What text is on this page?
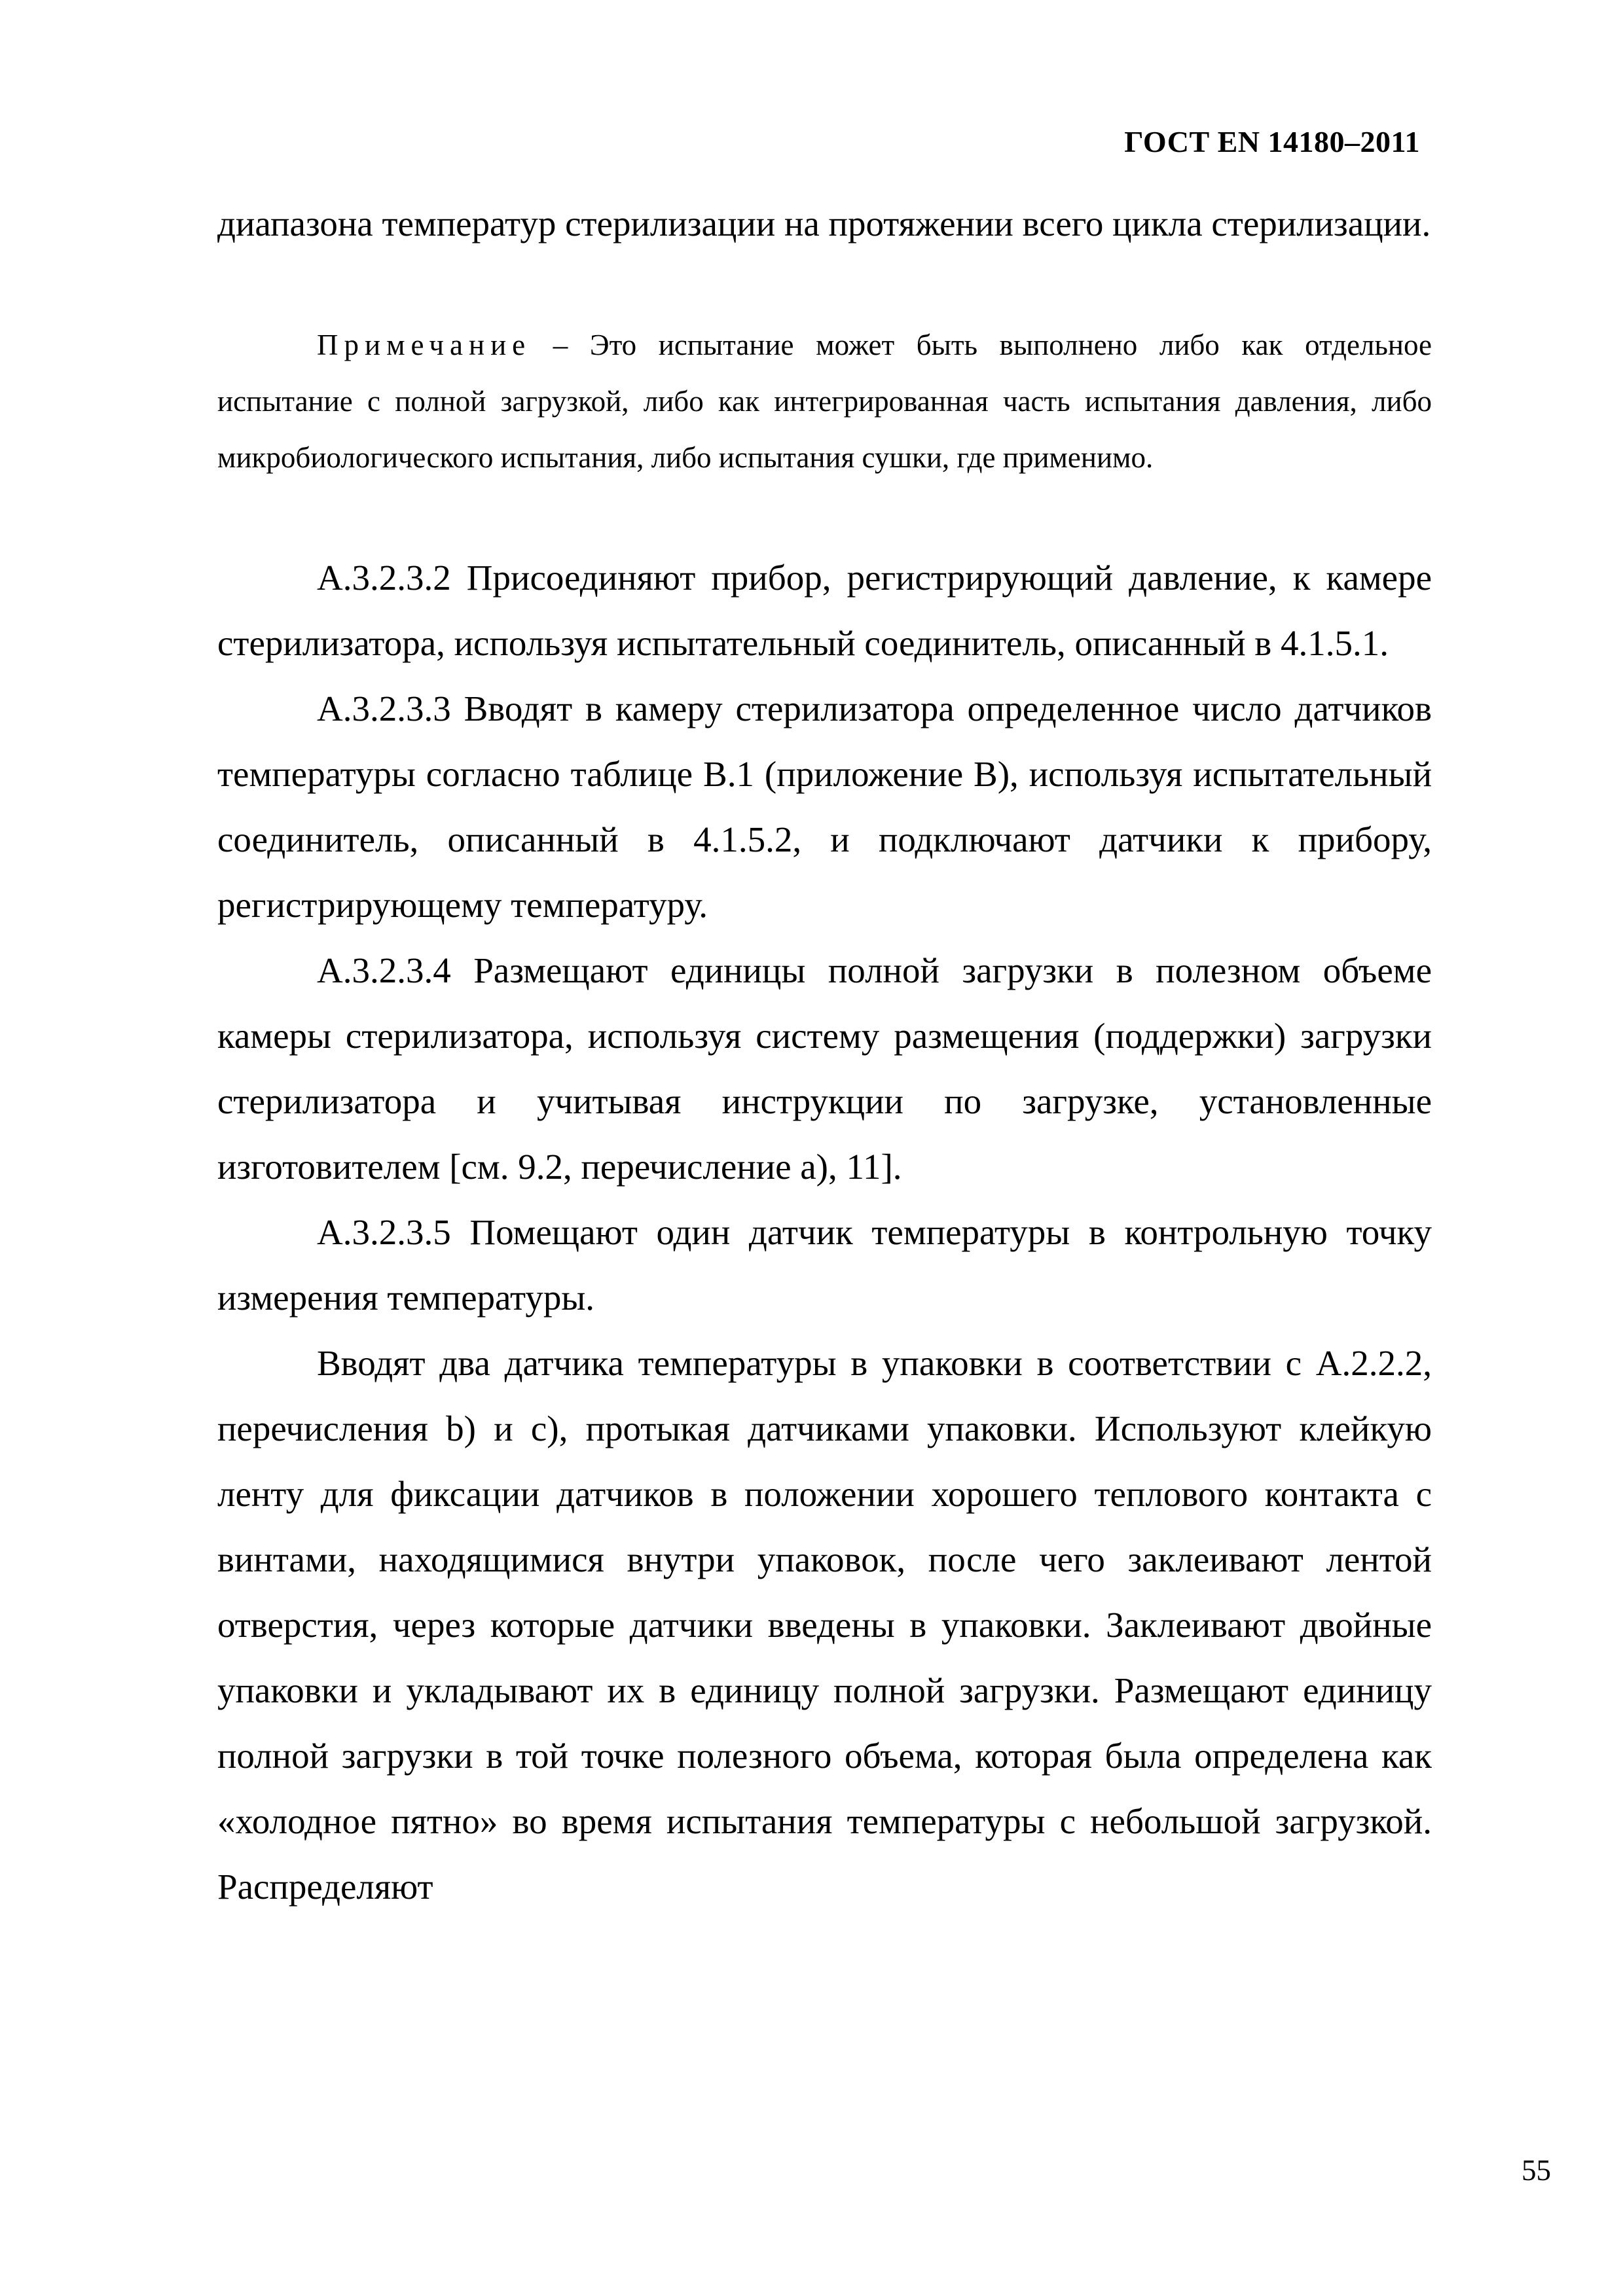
ГОСТ EN 14180–2011

диапазона температур стерилизации на протяжении всего цикла стерилизации.

Примечание – Это испытание может быть выполнено либо как отдельное испытание с полной загрузкой, либо как интегрированная часть испытания давления, либо микробиологического испытания, либо испытания сушки, где применимо.

А.3.2.3.2 Присоединяют прибор, регистрирующий давление, к камере стерилизатора, используя испытательный соединитель, описанный в 4.1.5.1.

А.3.2.3.3 Вводят в камеру стерилизатора определенное число датчиков температуры согласно таблице В.1 (приложение В), используя испытательный соединитель, описанный в 4.1.5.2, и подключают датчики к прибору, регистрирующему температуру.

А.3.2.3.4 Размещают единицы полной загрузки в полезном объеме камеры стерилизатора, используя систему размещения (поддержки) загрузки стерилизатора и учитывая инструкции по загрузке, установленные изготовителем [см. 9.2, перечисление а), 11].

А.3.2.3.5 Помещают один датчик температуры в контрольную точку измерения температуры.

Вводят два датчика температуры в упаковки в соответствии с А.2.2.2, перечисления b) и c), протыкая датчиками упаковки. Используют клейкую ленту для фиксации датчиков в положении хорошего теплового контакта с винтами, находящимися внутри упаковок, после чего заклеивают лентой отверстия, через которые датчики введены в упаковки. Заклеивают двойные упаковки и укладывают их в единицу полной загрузки. Размещают единицу полной загрузки в той точке полезного объема, которая была определена как «холодное пятно» во время испытания температуры с небольшой загрузкой. Распределяют

55
